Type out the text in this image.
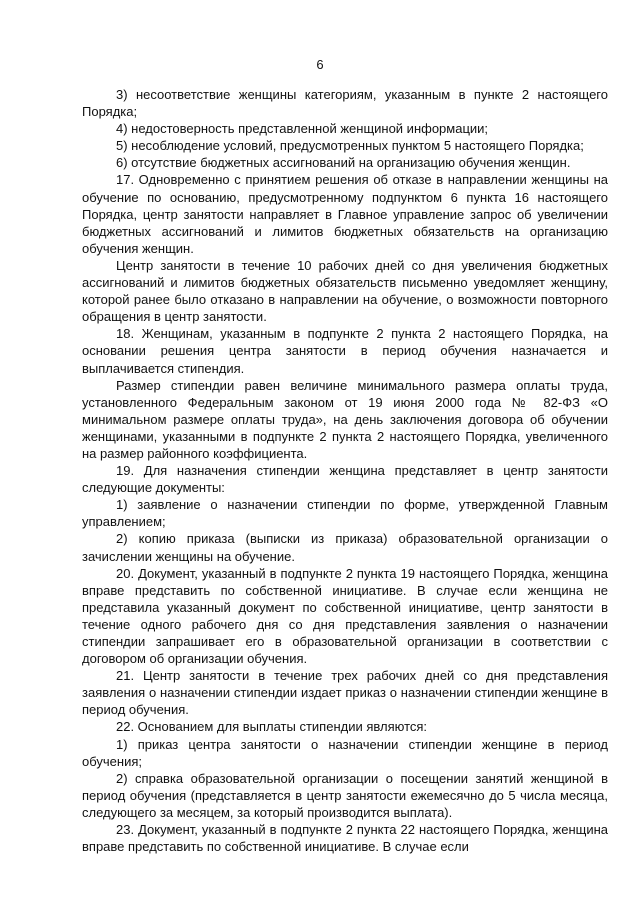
6

3) несоответствие женщины категориям, указанным в пункте 2 настоящего Порядка;

4) недостоверность представленной женщиной информации;

5) несоблюдение условий, предусмотренных пунктом 5 настоящего Порядка;

6) отсутствие бюджетных ассигнований на организацию обучения женщин.

17. Одновременно с принятием решения об отказе в направлении женщины на обучение по основанию, предусмотренному подпунктом 6 пункта 16 настоящего Порядка, центр занятости направляет в Главное управление запрос об увеличении бюджетных ассигнований и лимитов бюджетных обязательств на организацию обучения женщин.

Центр занятости в течение 10 рабочих дней со дня увеличения бюджетных ассигнований и лимитов бюджетных обязательств письменно уведомляет женщину, которой ранее было отказано в направлении на обучение, о возможности повторного обращения в центр занятости.

18. Женщинам, указанным в подпункте 2 пункта 2 настоящего Порядка, на основании решения центра занятости в период обучения назначается и выплачивается стипендия.

Размер стипендии равен величине минимального размера оплаты труда, установленного Федеральным законом от 19 июня 2000 года № 82-ФЗ «О минимальном размере оплаты труда», на день заключения договора об обучении женщинами, указанными в подпункте 2 пункта 2 настоящего Порядка, увеличенного на размер районного коэффициента.

19. Для назначения стипендии женщина представляет в центр занятости следующие документы:

1) заявление о назначении стипендии по форме, утвержденной Главным управлением;

2) копию приказа (выписки из приказа) образовательной организации о зачислении женщины на обучение.

20. Документ, указанный в подпункте 2 пункта 19 настоящего Порядка, женщина вправе представить по собственной инициативе. В случае если женщина не представила указанный документ по собственной инициативе, центр занятости в течение одного рабочего дня со дня представления заявления о назначении стипендии запрашивает его в образовательной организации в соответствии с договором об организации обучения.

21. Центр занятости в течение трех рабочих дней со дня представления заявления о назначении стипендии издает приказ о назначении стипендии женщине в период обучения.

22. Основанием для выплаты стипендии являются:

1) приказ центра занятости о назначении стипендии женщине в период обучения;

2) справка образовательной организации о посещении занятий женщиной в период обучения (представляется в центр занятости ежемесячно до 5 числа месяца, следующего за месяцем, за который производится выплата).

23. Документ, указанный в подпункте 2 пункта 22 настоящего Порядка, женщина вправе представить по собственной инициативе. В случае если
